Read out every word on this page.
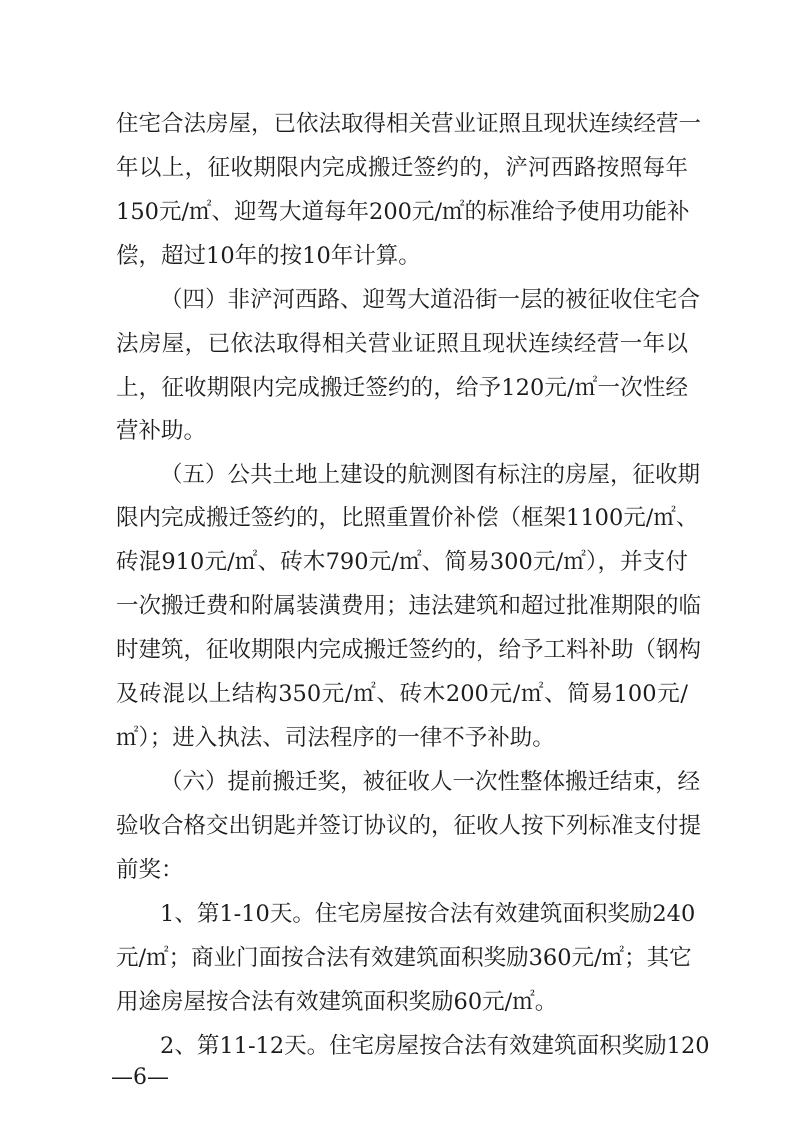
住宅合法房屋，已依法取得相关营业证照且现状连续经营一
年以上，征收期限内完成搬迁签约的，浐河西路按照每年
150元/㎡、迎驾大道每年200元/㎡的标准给予使用功能补
偿，超过10年的按10年计算。
（四）非浐河西路、迎驾大道沿街一层的被征收住宅合
法房屋，已依法取得相关营业证照且现状连续经营一年以
上，征收期限内完成搬迁签约的，给予120元/㎡一次性经
营补助。
（五）公共土地上建设的航测图有标注的房屋，征收期
限内完成搬迁签约的，比照重置价补偿（框架1100元/㎡、
砖混910元/㎡、砖木790元/㎡、简易300元/㎡），并支付
一次搬迁费和附属装潢费用；违法建筑和超过批准期限的临
时建筑，征收期限内完成搬迁签约的，给予工料补助（钢构
及砖混以上结构350元/㎡、砖木200元/㎡、简易100元/
㎡）；进入执法、司法程序的一律不予补助。
（六）提前搬迁奖，被征收人一次性整体搬迁结束，经
验收合格交出钥匙并签订协议的，征收人按下列标准支付提
前奖：
1、第1-10天。住宅房屋按合法有效建筑面积奖励240
元/㎡；商业门面按合法有效建筑面积奖励360元/㎡；其它
用途房屋按合法有效建筑面积奖励60元/㎡。
2、第11-12天。住宅房屋按合法有效建筑面积奖励120
—6—
